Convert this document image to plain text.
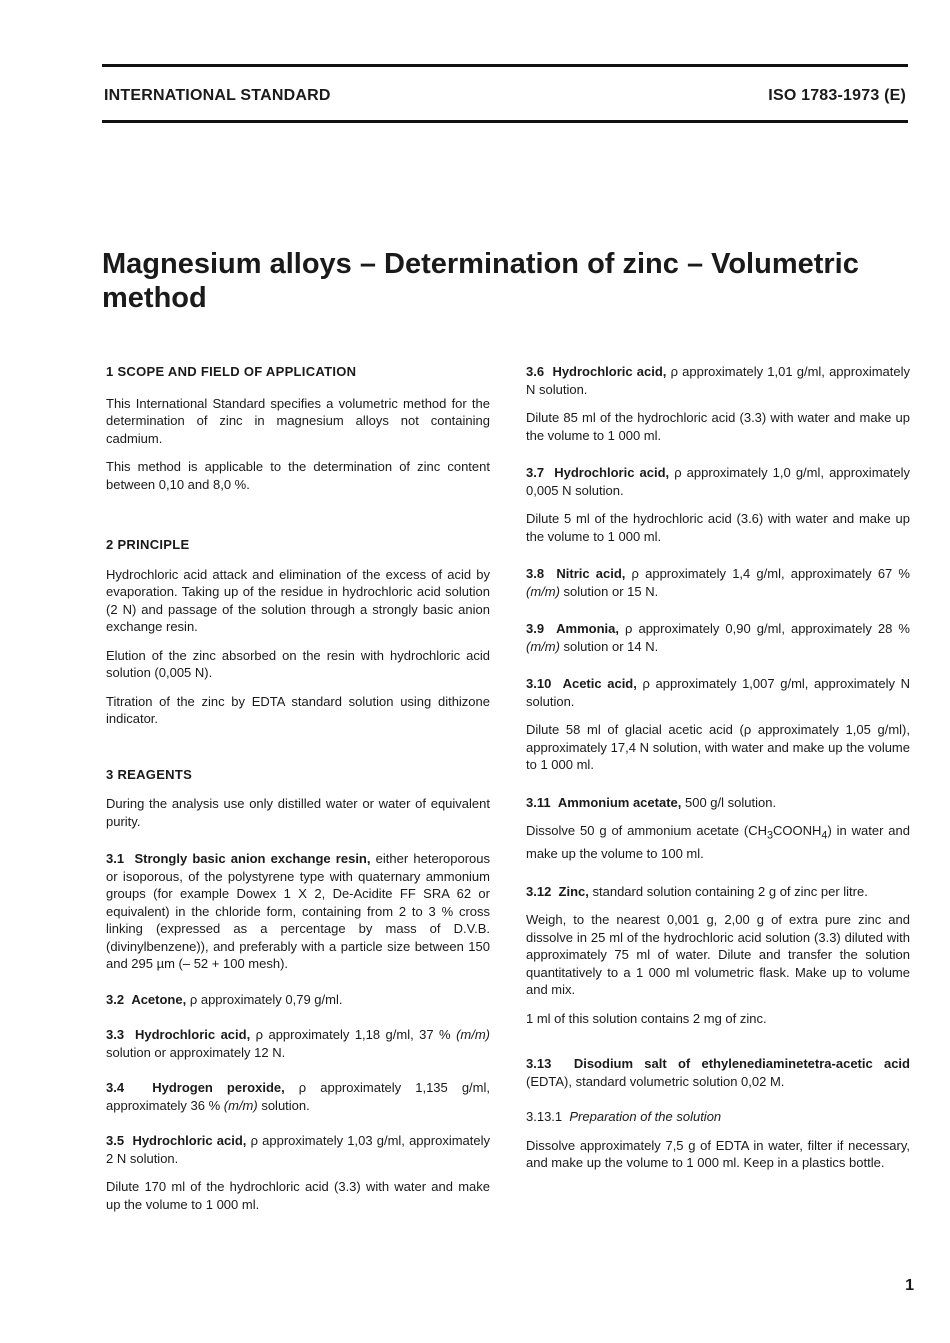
INTERNATIONAL STANDARD	ISO 1783-1973 (E)
Magnesium alloys – Determination of zinc – Volumetric method
1 SCOPE AND FIELD OF APPLICATION

This International Standard specifies a volumetric method for the determination of zinc in magnesium alloys not containing cadmium.

This method is applicable to the determination of zinc content between 0,10 and 8,0 %.

2 PRINCIPLE

Hydrochloric acid attack and elimination of the excess of acid by evaporation. Taking up of the residue in hydrochloric acid solution (2 N) and passage of the solution through a strongly basic anion exchange resin.

Elution of the zinc absorbed on the resin with hydrochloric acid solution (0,005 N).

Titration of the zinc by EDTA standard solution using dithizone indicator.

3 REAGENTS

During the analysis use only distilled water or water of equivalent purity.

3.1 Strongly basic anion exchange resin, either heteroporous or isoporous, of the polystyrene type with quaternary ammonium groups (for example Dowex 1 X 2, De-Acidite FF SRA 62 or equivalent) in the chloride form, containing from 2 to 3 % cross linking (expressed as a percentage by mass of D.V.B. (divinylbenzene)), and preferably with a particle size between 150 and 295 µm (– 52 + 100 mesh).

3.2 Acetone, ρ approximately 0,79 g/ml.

3.3 Hydrochloric acid, ρ approximately 1,18 g/ml, 37 % (m/m) solution or approximately 12 N.

3.4 Hydrogen peroxide, ρ approximately 1,135 g/ml, approximately 36 % (m/m) solution.

3.5 Hydrochloric acid, ρ approximately 1,03 g/ml, approximately 2 N solution.

Dilute 170 ml of the hydrochloric acid (3.3) with water and make up the volume to 1 000 ml.

3.6 Hydrochloric acid, ρ approximately 1,01 g/ml, approximately N solution.

Dilute 85 ml of the hydrochloric acid (3.3) with water and make up the volume to 1 000 ml.

3.7 Hydrochloric acid, ρ approximately 1,0 g/ml, approximately 0,005 N solution.

Dilute 5 ml of the hydrochloric acid (3.6) with water and make up the volume to 1 000 ml.

3.8 Nitric acid, ρ approximately 1,4 g/ml, approximately 67 % (m/m) solution or 15 N.

3.9 Ammonia, ρ approximately 0,90 g/ml, approximately 28 % (m/m) solution or 14 N.

3.10 Acetic acid, ρ approximately 1,007 g/ml, approximately N solution.

Dilute 58 ml of glacial acetic acid (ρ approximately 1,05 g/ml), approximately 17,4 N solution, with water and make up the volume to 1 000 ml.

3.11 Ammonium acetate, 500 g/l solution.

Dissolve 50 g of ammonium acetate $(CH_3COONH_4)$ in water and make up the volume to 100 ml.

3.12 Zinc, standard solution containing 2 g of zinc per litre.

Weigh, to the nearest 0,001 g, 2,00 g of extra pure zinc and dissolve in 25 ml of the hydrochloric acid solution (3.3) diluted with approximately 75 ml of water. Dilute and transfer the solution quantitatively to a 1 000 ml volumetric flask. Make up to volume and mix.

1 ml of this solution contains 2 mg of zinc.

3.13 Disodium salt of ethylenediaminetetra-acetic acid (EDTA), standard volumetric solution 0,02 M.

3.13.1 Preparation of the solution

Dissolve approximately 7,5 g of EDTA in water, filter if necessary, and make up the volume to 1 000 ml. Keep in a plastics bottle.

1
